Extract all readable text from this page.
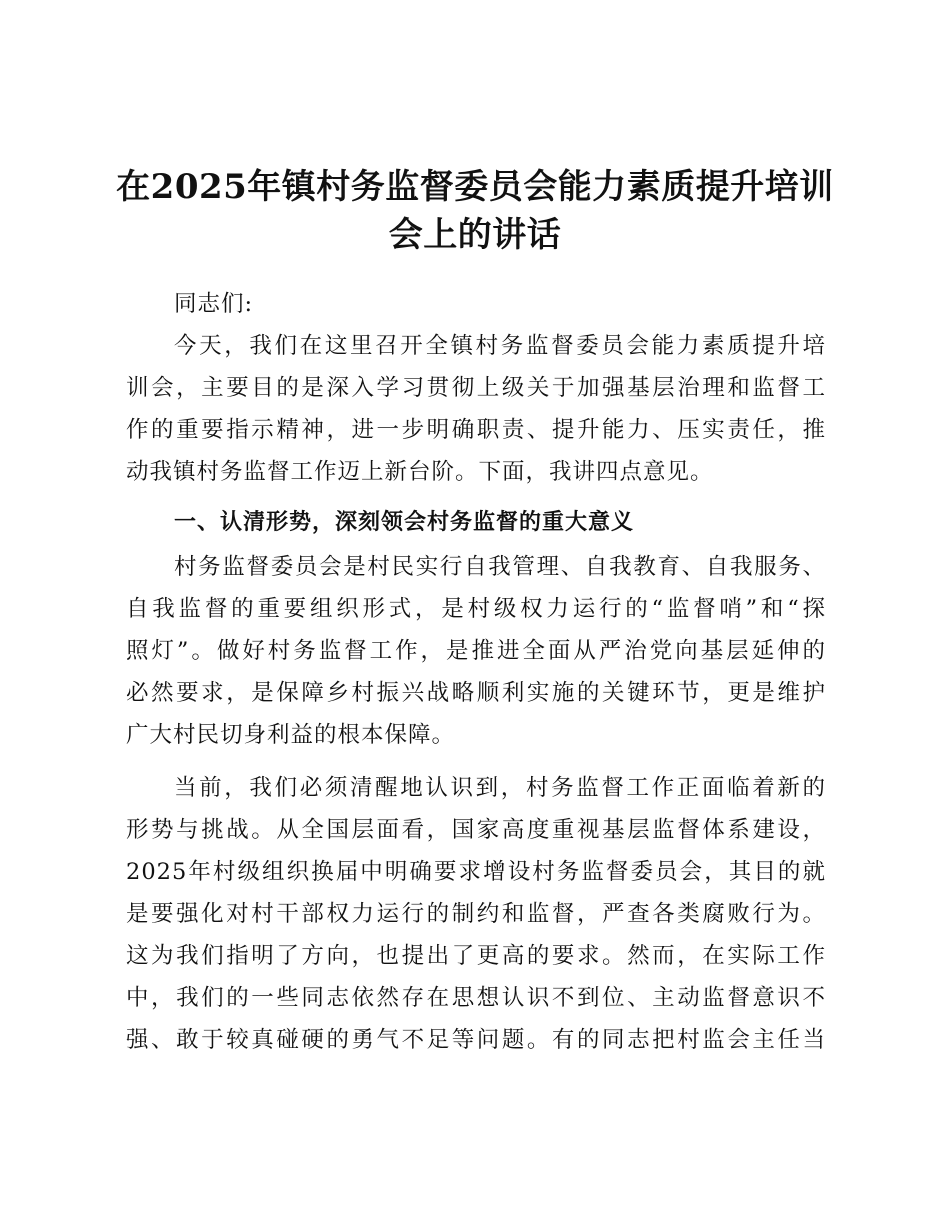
在2025年镇村务监督委员会能力素质提升培训
会上的讲话

同志们:

今天，我们在这里召开全镇村务监督委员会能力素质提升培
训会，主要目的是深入学习贯彻上级关于加强基层治理和监督工
作的重要指示精神，进一步明确职责、提升能力、压实责任，推
动我镇村务监督工作迈上新台阶。下面，我讲四点意见。

一、认清形势，深刻领会村务监督的重大意义

村务监督委员会是村民实行自我管理、自我教育、自我服务、
自我监督的重要组织形式，是村级权力运行的“监督哨”和“探
照灯”。做好村务监督工作，是推进全面从严治党向基层延伸的
必然要求，是保障乡村振兴战略顺利实施的关键环节，更是维护
广大村民切身利益的根本保障。
当前，我们必须清醒地认识到，村务监督工作正面临着新的
形势与挑战。从全国层面看，国家高度重视基层监督体系建设，
2025年村级组织换届中明确要求增设村务监督委员会，其目的就
是要强化对村干部权力运行的制约和监督，严查各类腐败行为。
这为我们指明了方向，也提出了更高的要求。然而，在实际工作
中，我们的一些同志依然存在思想认识不到位、主动监督意识不
强、敢于较真碰硬的勇气不足等问题。有的同志把村监会主任当
